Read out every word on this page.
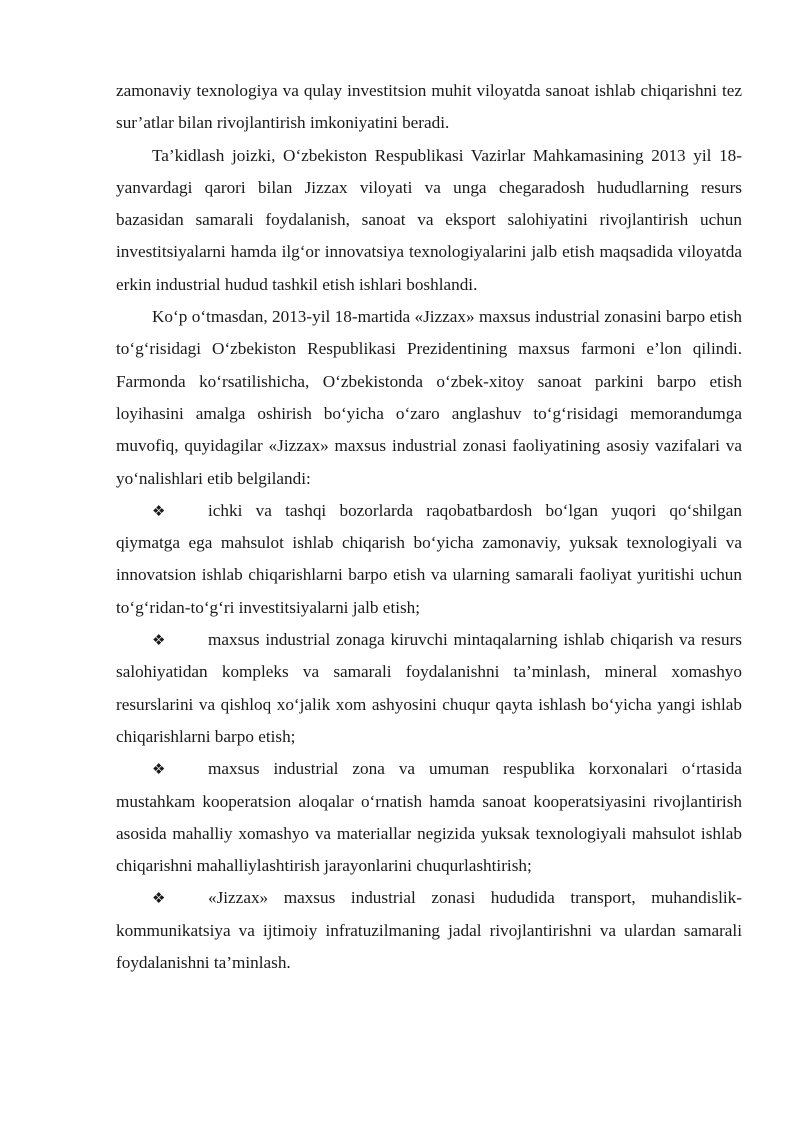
zamonaviy texnologiya va qulay investitsion muhit viloyatda sanoat ishlab chiqarishni tez sur’atlar bilan rivojlantirish imkoniyatini beradi.

Ta’kidlash joizki, O‘zbekiston Respublikasi Vazirlar Mahkamasining 2013 yil 18-yanvardagi qarori bilan Jizzax viloyati va unga chegaradosh hududlarning resurs bazasidan samarali foydalanish, sanoat va eksport salohiyatini rivojlantirish uchun investitsiyalarni hamda ilg‘or innovatsiya texnologiyalarini jalb etish maqsadida viloyatda erkin industrial hudud tashkil etish ishlari boshlandi.

Ko‘p o‘tmasdan, 2013-yil 18-martida «Jizzax» maxsus industrial zonasini barpo etish to‘g‘risidagi O‘zbekiston Respublikasi Prezidentining maxsus farmoni e’lon qilindi. Farmonda ko‘rsatilishicha, O‘zbekistonda o‘zbek-xitoy sanoat parkini barpo etish loyihasini amalga oshirish bo‘yicha o‘zaro anglashuv to‘g‘risidagi memorandumga muvofiq, quyidagilar «Jizzax» maxsus industrial zonasi faoliyatining asosiy vazifalari va yo‘nalishlari etib belgilandi:

❖ ichki va tashqi bozorlarda raqobatbardosh bo‘lgan yuqori qo‘shilgan qiymatga ega mahsulot ishlab chiqarish bo‘yicha zamonaviy, yuksak texnologiyali va innovatsion ishlab chiqarishlarni barpo etish va ularning samarali faoliyat yuritishi uchun to‘g‘ridan-to‘g‘ri investitsiyalarni jalb etish;

❖ maxsus industrial zonaga kiruvchi mintaqalarning ishlab chiqarish va resurs salohiyatidan kompleks va samarali foydalanishni ta’minlash, mineral xomashyo resurslarini va qishloq xo‘jalik xom ashyosini chuqur qayta ishlash bo‘yicha yangi ishlab chiqarishlarni barpo etish;

❖ maxsus industrial zona va umuman respublika korxonalari o‘rtasida mustahkam kooperatsion aloqalar o‘rnatish hamda sanoat kooperatsiyasini rivojlantirish asosida mahalliy xomashyo va materiallar negizida yuksak texnologiyali mahsulot ishlab chiqarishni mahalliylashtirish jarayonlarini chuqurlashtirish;

❖ «Jizzax» maxsus industrial zonasi hududida transport, muhandislik-kommunikatsiya va ijtimoiy infratuzilmaning jadal rivojlantirishni va ulardan samarali foydalanishni ta’minlash.
